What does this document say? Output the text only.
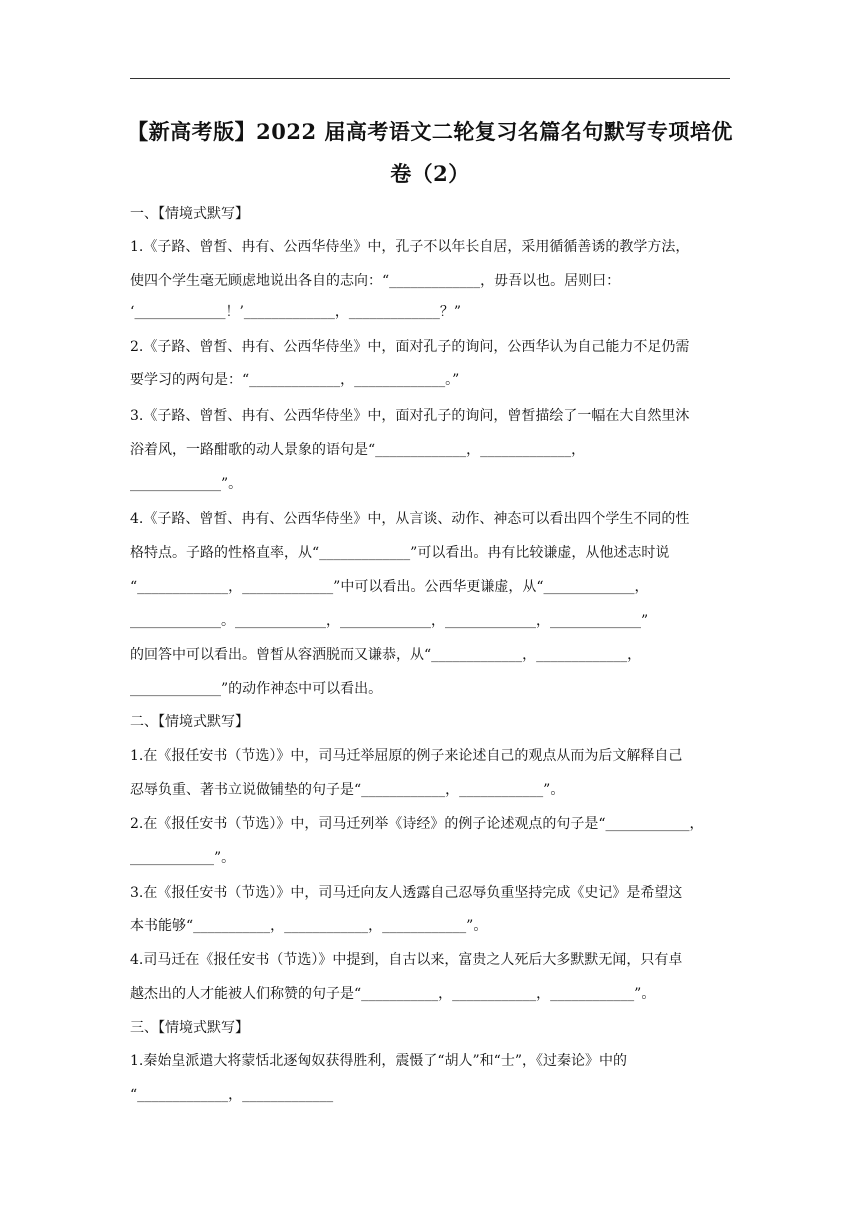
【新高考版】2022 届高考语文二轮复习名篇名句默写专项培优
卷（2）
一、【情境式默写】
1.《子路、曾皙、冉有、公西华侍坐》中，孔子不以年长自居，采用循循善诱的教学方法，
使四个学生毫无顾虑地说出各自的志向：“_____________，毋吾以也。居则曰：
‘_____________！’_____________，_____________？”
2.《子路、曾皙、冉有、公西华侍坐》中，面对孔子的询问，公西华认为自己能力不足仍需
要学习的两句是：“_____________，_____________。”
3.《子路、曾皙、冉有、公西华侍坐》中，面对孔子的询问，曾皙描绘了一幅在大自然里沐
浴着风，一路酣歌的动人景象的语句是“_____________，_____________，
_____________”。
4.《子路、曾皙、冉有、公西华侍坐》中，从言谈、动作、神态可以看出四个学生不同的性
格特点。子路的性格直率，从“_____________”可以看出。冉有比较谦虚，从他述志时说
“_____________，_____________”中可以看出。公西华更谦虚，从“_____________，
_____________。_____________，_____________，_____________，_____________”
的回答中可以看出。曾皙从容洒脱而又谦恭，从“_____________，_____________，
_____________”的动作神态中可以看出。
二、【情境式默写】
1.在《报任安书（节选）》中，司马迁举屈原的例子来论述自己的观点从而为后文解释自己
忍辱负重、著书立说做铺垫的句子是“____________，____________”。
2.在《报任安书（节选）》中，司马迁列举《诗经》的例子论述观点的句子是“____________，
____________”。
3.在《报任安书（节选）》中，司马迁向友人透露自己忍辱负重坚持完成《史记》是希望这
本书能够“___________，____________，____________”。
4.司马迁在《报任安书（节选）》中提到，自古以来，富贵之人死后大多默默无闻，只有卓
越杰出的人才能被人们称赞的句子是“___________，____________，____________”。
三、【情境式默写】
1.秦始皇派遣大将蒙恬北逐匈奴获得胜利，震慑了“胡人”和“士”，《过秦论》中的
“_____________，_____________
